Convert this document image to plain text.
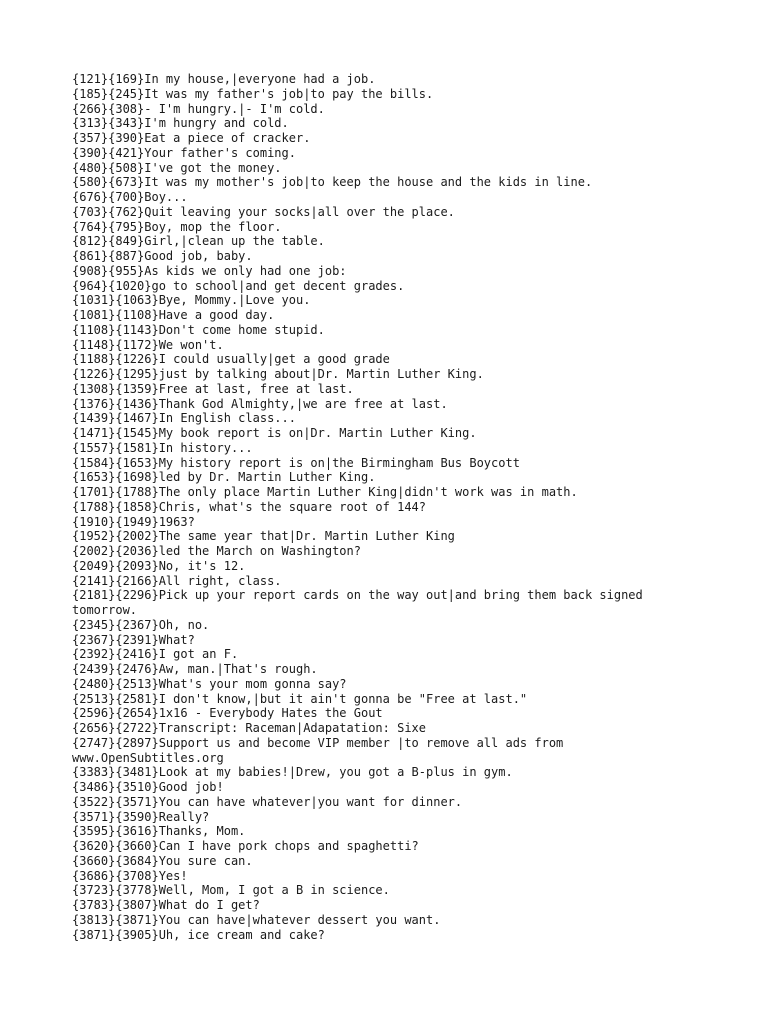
{121}{169}In my house,|everyone had a job.
{185}{245}It was my father's job|to pay the bills.
{266}{308}- I'm hungry.|- I'm cold.
{313}{343}I'm hungry and cold.
{357}{390}Eat a piece of cracker.
{390}{421}Your father's coming.
{480}{508}I've got the money.
{580}{673}It was my mother's job|to keep the house and the kids in line.
{676}{700}Boy...
{703}{762}Quit leaving your socks|all over the place.
{764}{795}Boy, mop the floor.
{812}{849}Girl,|clean up the table.
{861}{887}Good job, baby.
{908}{955}As kids we only had one job:
{964}{1020}go to school|and get decent grades.
{1031}{1063}Bye, Mommy.|Love you.
{1081}{1108}Have a good day.
{1108}{1143}Don't come home stupid.
{1148}{1172}We won't.
{1188}{1226}I could usually|get a good grade
{1226}{1295}just by talking about|Dr. Martin Luther King.
{1308}{1359}Free at last, free at last.
{1376}{1436}Thank God Almighty,|we are free at last.
{1439}{1467}In English class...
{1471}{1545}My book report is on|Dr. Martin Luther King.
{1557}{1581}In history...
{1584}{1653}My history report is on|the Birmingham Bus Boycott
{1653}{1698}led by Dr. Martin Luther King.
{1701}{1788}The only place Martin Luther King|didn't work was in math.
{1788}{1858}Chris, what's the square root of 144?
{1910}{1949}1963?
{1952}{2002}The same year that|Dr. Martin Luther King
{2002}{2036}led the March on Washington?
{2049}{2093}No, it's 12.
{2141}{2166}All right, class.
{2181}{2296}Pick up your report cards on the way out|and bring them back signed tomorrow.
{2345}{2367}Oh, no.
{2367}{2391}What?
{2392}{2416}I got an F.
{2439}{2476}Aw, man.|That's rough.
{2480}{2513}What's your mom gonna say?
{2513}{2581}I don't know,|but it ain't gonna be "Free at last."
{2596}{2654}1x16 - Everybody Hates the Gout
{2656}{2722}Transcript: Raceman|Adapatation: Sixe
{2747}{2897}Support us and become VIP member |to remove all ads from www.OpenSubtitles.org
{3383}{3481}Look at my babies!|Drew, you got a B-plus in gym.
{3486}{3510}Good job!
{3522}{3571}You can have whatever|you want for dinner.
{3571}{3590}Really?
{3595}{3616}Thanks, Mom.
{3620}{3660}Can I have pork chops and spaghetti?
{3660}{3684}You sure can.
{3686}{3708}Yes!
{3723}{3778}Well, Mom, I got a B in science.
{3783}{3807}What do I get?
{3813}{3871}You can have|whatever dessert you want.
{3871}{3905}Uh, ice cream and cake?
